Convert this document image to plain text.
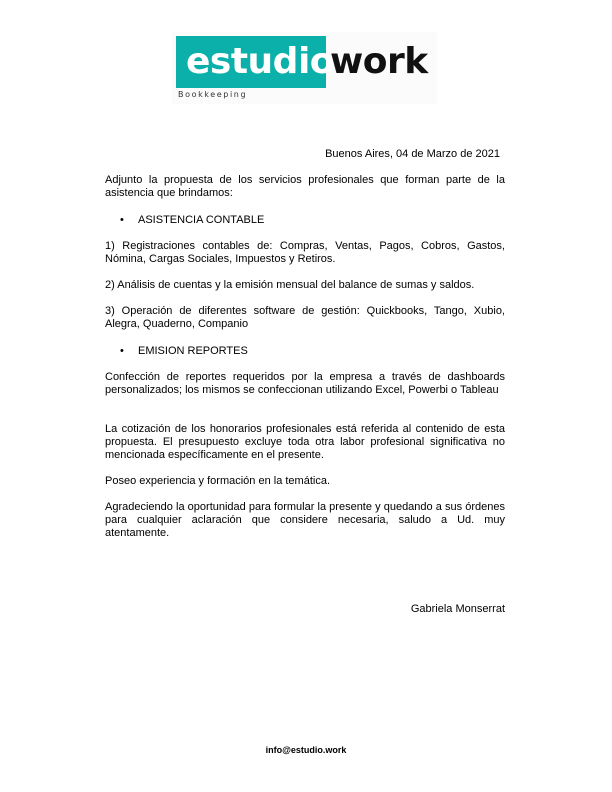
estudio
work
Bookkeeping
Buenos Aires, 04 de Marzo de 2021

Adjunto la propuesta de los servicios profesionales que forman parte de la asistencia que brindamos:

• ASISTENCIA CONTABLE

1) Registraciones contables de: Compras, Ventas, Pagos, Cobros, Gastos, Nómina, Cargas Sociales, Impuestos y Retiros.

2) Análisis de cuentas y la emisión mensual del balance de sumas y saldos.

3) Operación de diferentes software de gestión: Quickbooks, Tango, Xubio, Alegra, Quaderno, Companio

• EMISION REPORTES

Confección de reportes requeridos por la empresa a través de dashboards personalizados; los mismos se confeccionan utilizando Excel, Powerbi o Tableau

La cotización de los honorarios profesionales está referida al contenido de esta propuesta. El presupuesto excluye toda otra labor profesional significativa no mencionada específicamente en el presente.

Poseo experiencia y formación en la temática.

Agradeciendo la oportunidad para formular la presente y quedando a sus órdenes para cualquier aclaración que considere necesaria, saludo a Ud. muy atentamente.

Gabriela Monserrat
info@estudio.work
